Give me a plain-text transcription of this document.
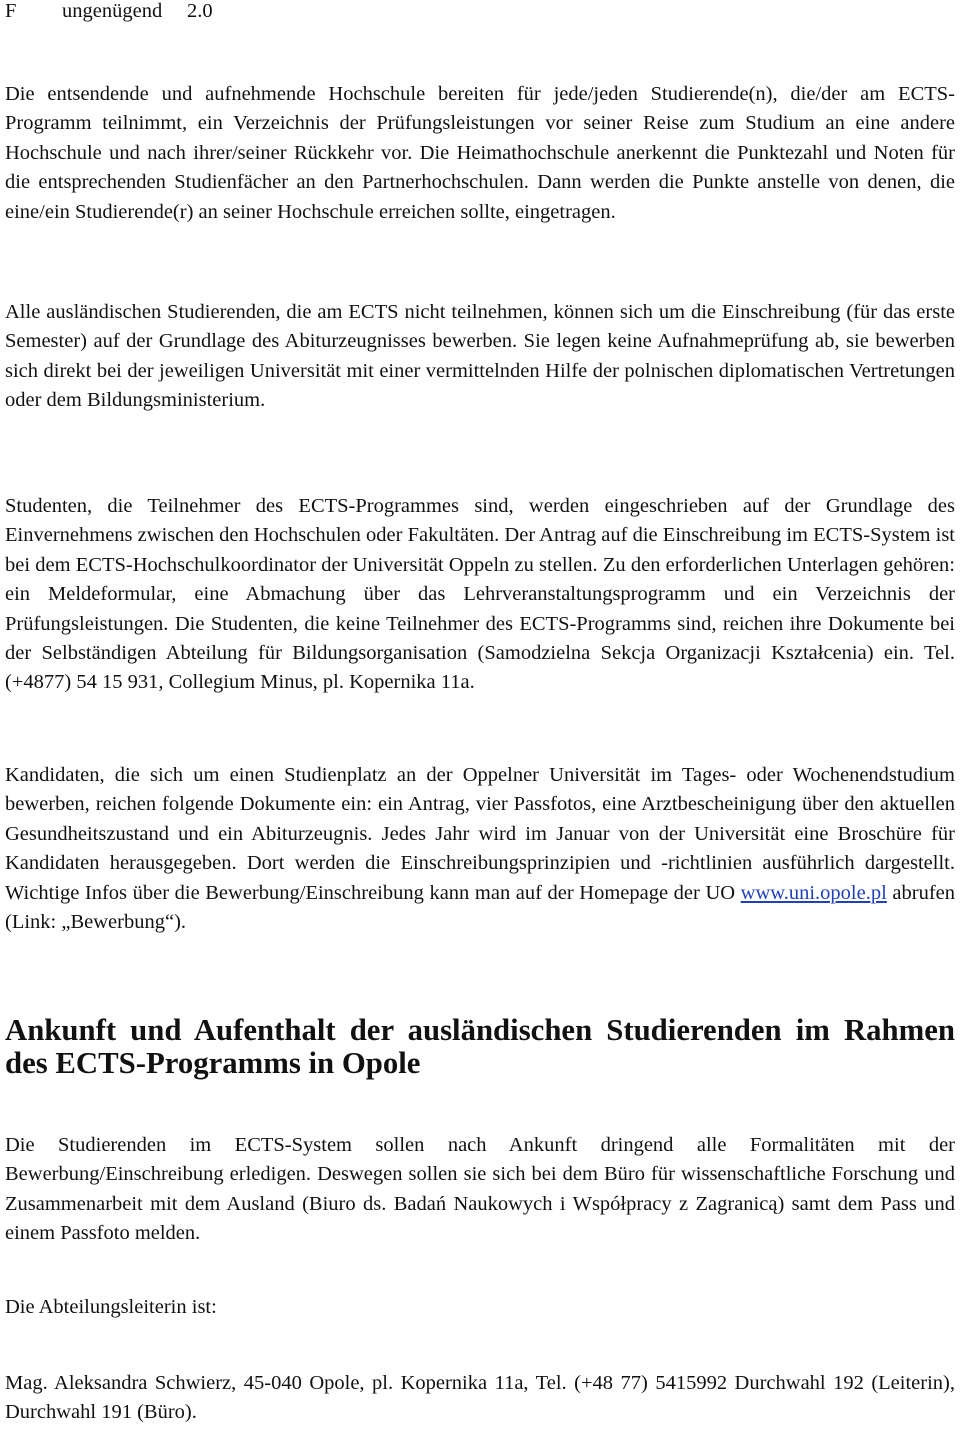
F ungenügend 2.0

Die entsendende und aufnehmende Hochschule bereiten für jede/jeden Studierende(n), die/der am ECTS-Programm teilnimmt, ein Verzeichnis der Prüfungsleistungen vor seiner Reise zum Studium an eine andere Hochschule und nach ihrer/seiner Rückkehr vor. Die Heimathochschule anerkennt die Punktezahl und Noten für die entsprechenden Studienfächer an den Partnerhochschulen. Dann werden die Punkte anstelle von denen, die eine/ein Studierende(r) an seiner Hochschule erreichen sollte, eingetragen.

Alle ausländischen Studierenden, die am ECTS nicht teilnehmen, können sich um die Einschreibung (für das erste Semester) auf der Grundlage des Abiturzeugnisses bewerben. Sie legen keine Aufnahmeprüfung ab, sie bewerben sich direkt bei der jeweiligen Universität mit einer vermittelnden Hilfe der polnischen diplomatischen Vertretungen oder dem Bildungsministerium.

Studenten, die Teilnehmer des ECTS-Programmes sind, werden eingeschrieben auf der Grundlage des Einvernehmens zwischen den Hochschulen oder Fakultäten. Der Antrag auf die Einschreibung im ECTS-System ist bei dem ECTS-Hochschulkoordinator der Universität Oppeln zu stellen. Zu den erforderlichen Unterlagen gehören: ein Meldeformular, eine Abmachung über das Lehrveranstaltungsprogramm und ein Verzeichnis der Prüfungsleistungen. Die Studenten, die keine Teilnehmer des ECTS-Programms sind, reichen ihre Dokumente bei der Selbständigen Abteilung für Bildungsorganisation (Samodzielna Sekcja Organizacji Kształcenia) ein. Tel. (+4877) 54 15 931, Collegium Minus, pl. Kopernika 11a.

Kandidaten, die sich um einen Studienplatz an der Oppelner Universität im Tages- oder Wochenendstudium bewerben, reichen folgende Dokumente ein: ein Antrag, vier Passfotos, eine Arztbescheinigung über den aktuellen Gesundheitszustand und ein Abiturzeugnis. Jedes Jahr wird im Januar von der Universität eine Broschüre für Kandidaten herausgegeben. Dort werden die Einschreibungsprinzipien und -richtlinien ausführlich dargestellt. Wichtige Infos über die Bewerbung/Einschreibung kann man auf der Homepage der UO www.uni.opole.pl abrufen (Link: „Bewerbung“).

Ankunft und Aufenthalt der ausländischen Studierenden im Rahmen des ECTS-Programms in Opole

Die Studierenden im ECTS-System sollen nach Ankunft dringend alle Formalitäten mit der Bewerbung/Einschreibung erledigen. Deswegen sollen sie sich bei dem Büro für wissenschaftliche Forschung und Zusammenarbeit mit dem Ausland (Biuro ds. Badań Naukowych i Współpracy z Zagranicą) samt dem Pass und einem Passfoto melden.

Die Abteilungsleiterin ist:

Mag. Aleksandra Schwierz, 45-040 Opole, pl. Kopernika 11a, Tel. (+48 77) 5415992 Durchwahl 192 (Leiterin), Durchwahl 191 (Büro).
